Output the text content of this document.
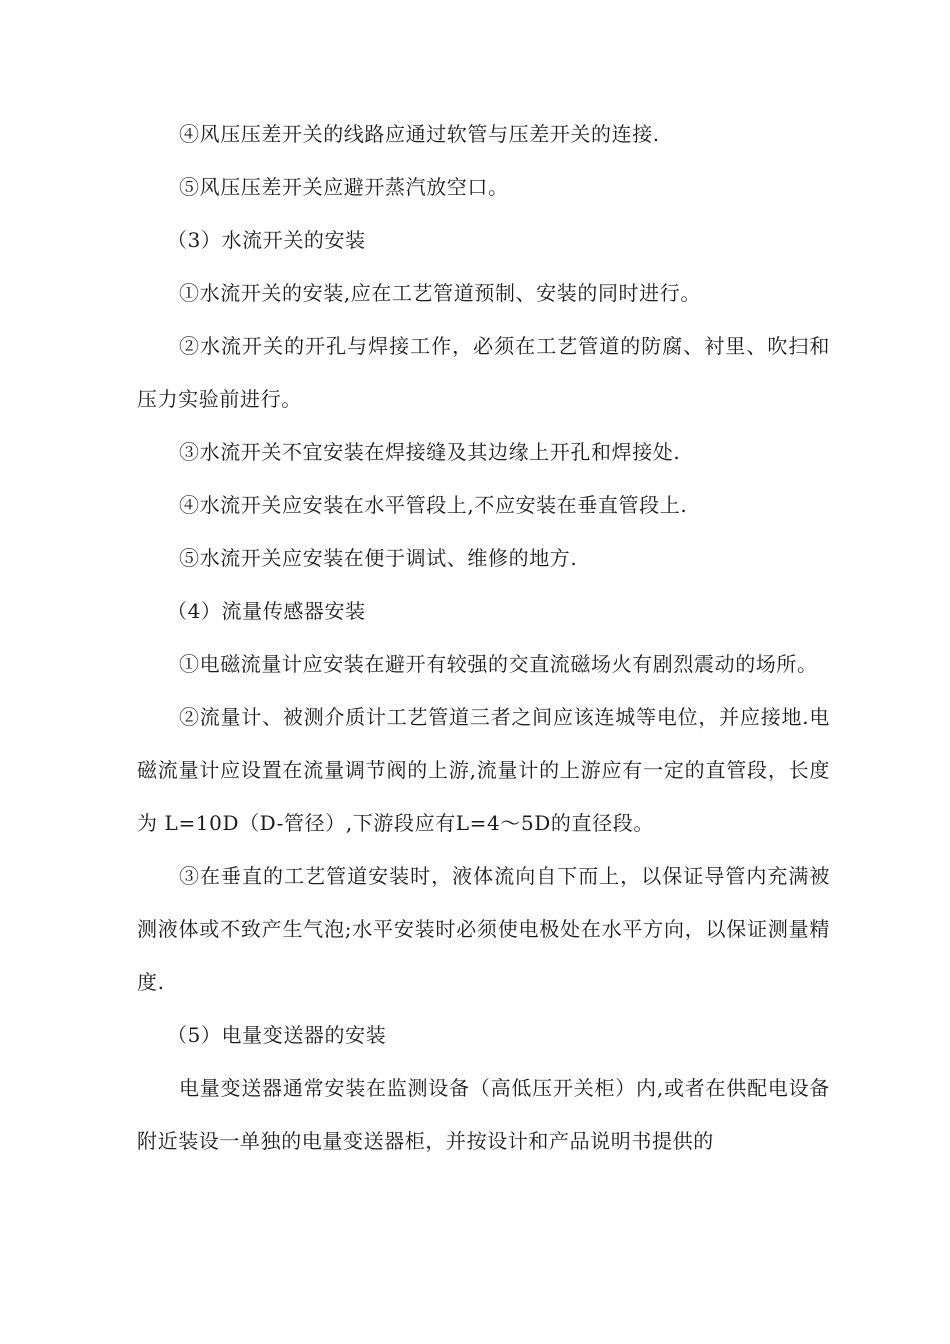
④风压压差开关的线路应通过软管与压差开关的连接.

⑤风压压差开关应避开蒸汽放空口。

（3）水流开关的安装

①水流开关的安装,应在工艺管道预制、安装的同时进行。

②水流开关的开孔与焊接工作，必须在工艺管道的防腐、衬里、吹扫和压力实验前进行。

③水流开关不宜安装在焊接缝及其边缘上开孔和焊接处.

④水流开关应安装在水平管段上,不应安装在垂直管段上.

⑤水流开关应安装在便于调试、维修的地方.

（4）流量传感器安装

①电磁流量计应安装在避开有较强的交直流磁场火有剧烈震动的场所。

②流量计、被测介质计工艺管道三者之间应该连城等电位，并应接地.电磁流量计应设置在流量调节阀的上游,流量计的上游应有一定的直管段，长度为 L=10D（D-管径）,下游段应有L=4～5D的直径段。

③在垂直的工艺管道安装时，液体流向自下而上，以保证导管内充满被测液体或不致产生气泡;水平安装时必须使电极处在水平方向，以保证测量精度.

（5）电量变送器的安装

电量变送器通常安装在监测设备（高低压开关柜）内,或者在供配电设备附近装设一单独的电量变送器柜，并按设计和产品说明书提供的
